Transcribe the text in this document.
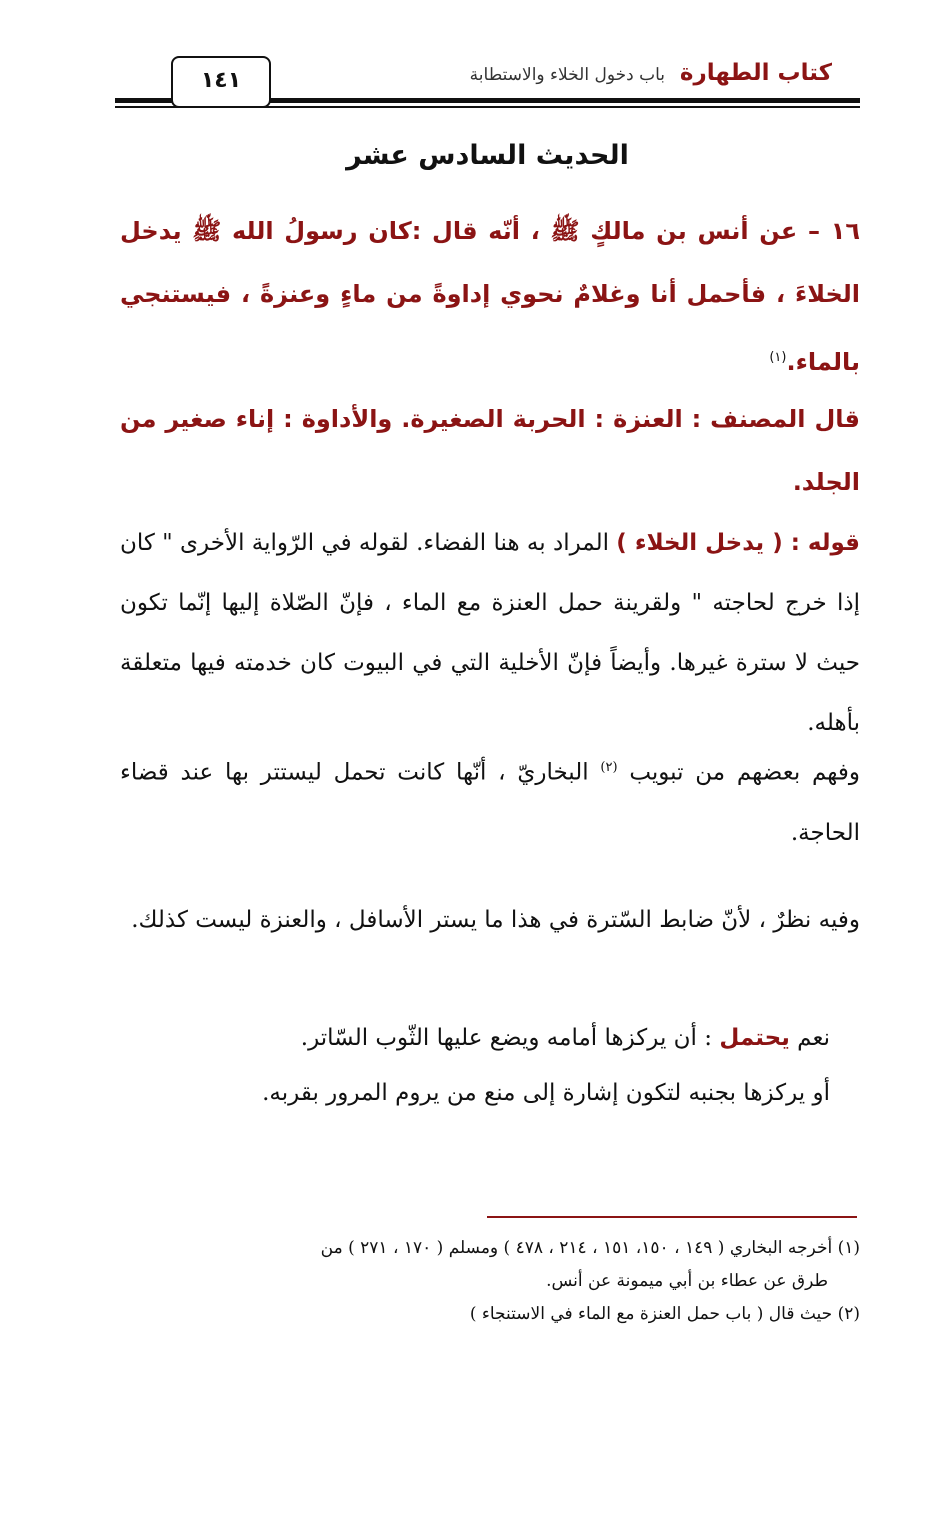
كتاب الطهارة
باب دخول الخلاء والاستطابة
١٤١
الحديث السادس عشر
١٦ – عن أنس بن مالكٍ ﷺ ، أنّه قال :كان رسولُ الله ﷺ يدخل الخلاءَ ، فأحمل أنا وغلامٌ نحوي إداوةً من ماءٍ وعنزةً ، فيستنجي بالماء.$^{(١)}$
قال المصنف : العنزة : الحربة الصغيرة. والأداوة : إناء صغير من الجلد.
قوله : ( يدخل الخلاء ) المراد به هنا الفضاء. لقوله في الرّواية الأخرى " كان إذا خرج لحاجته " ولقرينة حمل العنزة مع الماء ، فإنّ الصّلاة إليها إنّما تكون حيث لا سترة غيرها. وأيضاً فإنّ الأخلية التي في البيوت كان خدمته فيها متعلقة بأهله.
وفهم بعضهم من تبويب $^{(٢)}$ البخاريّ ، أنّها كانت تحمل ليستتر بها عند قضاء الحاجة.
وفيه نظرٌ ، لأنّ ضابط السّترة في هذا ما يستر الأسافل ، والعنزة ليست كذلك.
نعم يحتمل : أن يركزها أمامه ويضع عليها الثّوب السّاتر.
أو يركزها بجنبه لتكون إشارة إلى منع من يروم المرور بقربه.
(١) أخرجه البخاري ( ١٤٩ ، ١٥٠، ١٥١ ، ٢١٤ ، ٤٧٨ ) ومسلم ( ١٧٠ ، ٢٧١ ) من
طرق عن عطاء بن أبي ميمونة عن أنس.
(٢) حيث قال ( باب حمل العنزة مع الماء في الاستنجاء )
